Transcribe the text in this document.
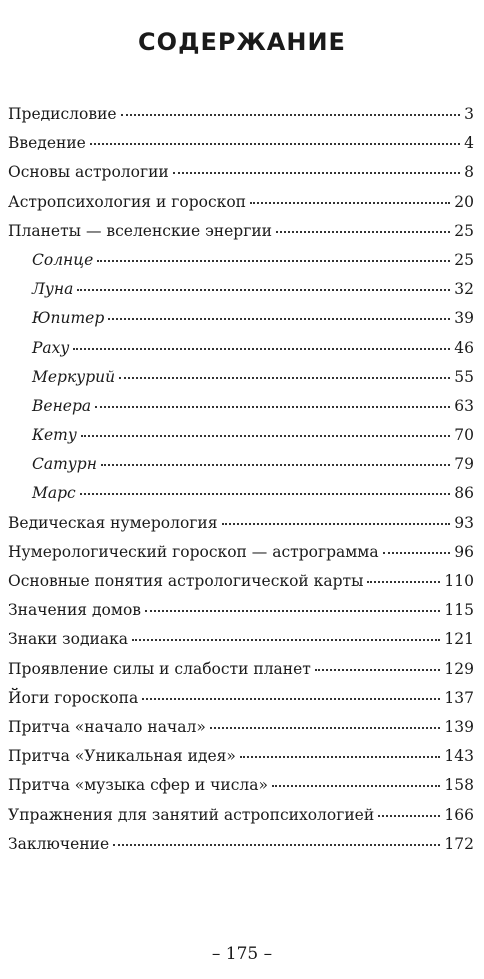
СОДЕРЖАНИЕ
Предисловие	3
Введение	4
Основы астрологии	8
Астропсихология и гороскоп	20
Планеты — вселенские энергии	25
Солнце	25
Луна	32
Юпитер	39
Раху	46
Меркурий	55
Венера	63
Кету	70
Сатурн	79
Марс	86
Ведическая нумерология	93
Нумерологический гороскоп — астрограмма	96
Основные понятия астрологической карты	110
Значения домов	115
Знаки зодиака	121
Проявление силы и слабости планет	129
Йоги гороскопа	137
Притча «начало начал»	139
Притча «Уникальная идея»	143
Притча «музыка сфер и числа»	158
Упражнения для занятий астропсихологией	166
Заключение	172
– 175 –
